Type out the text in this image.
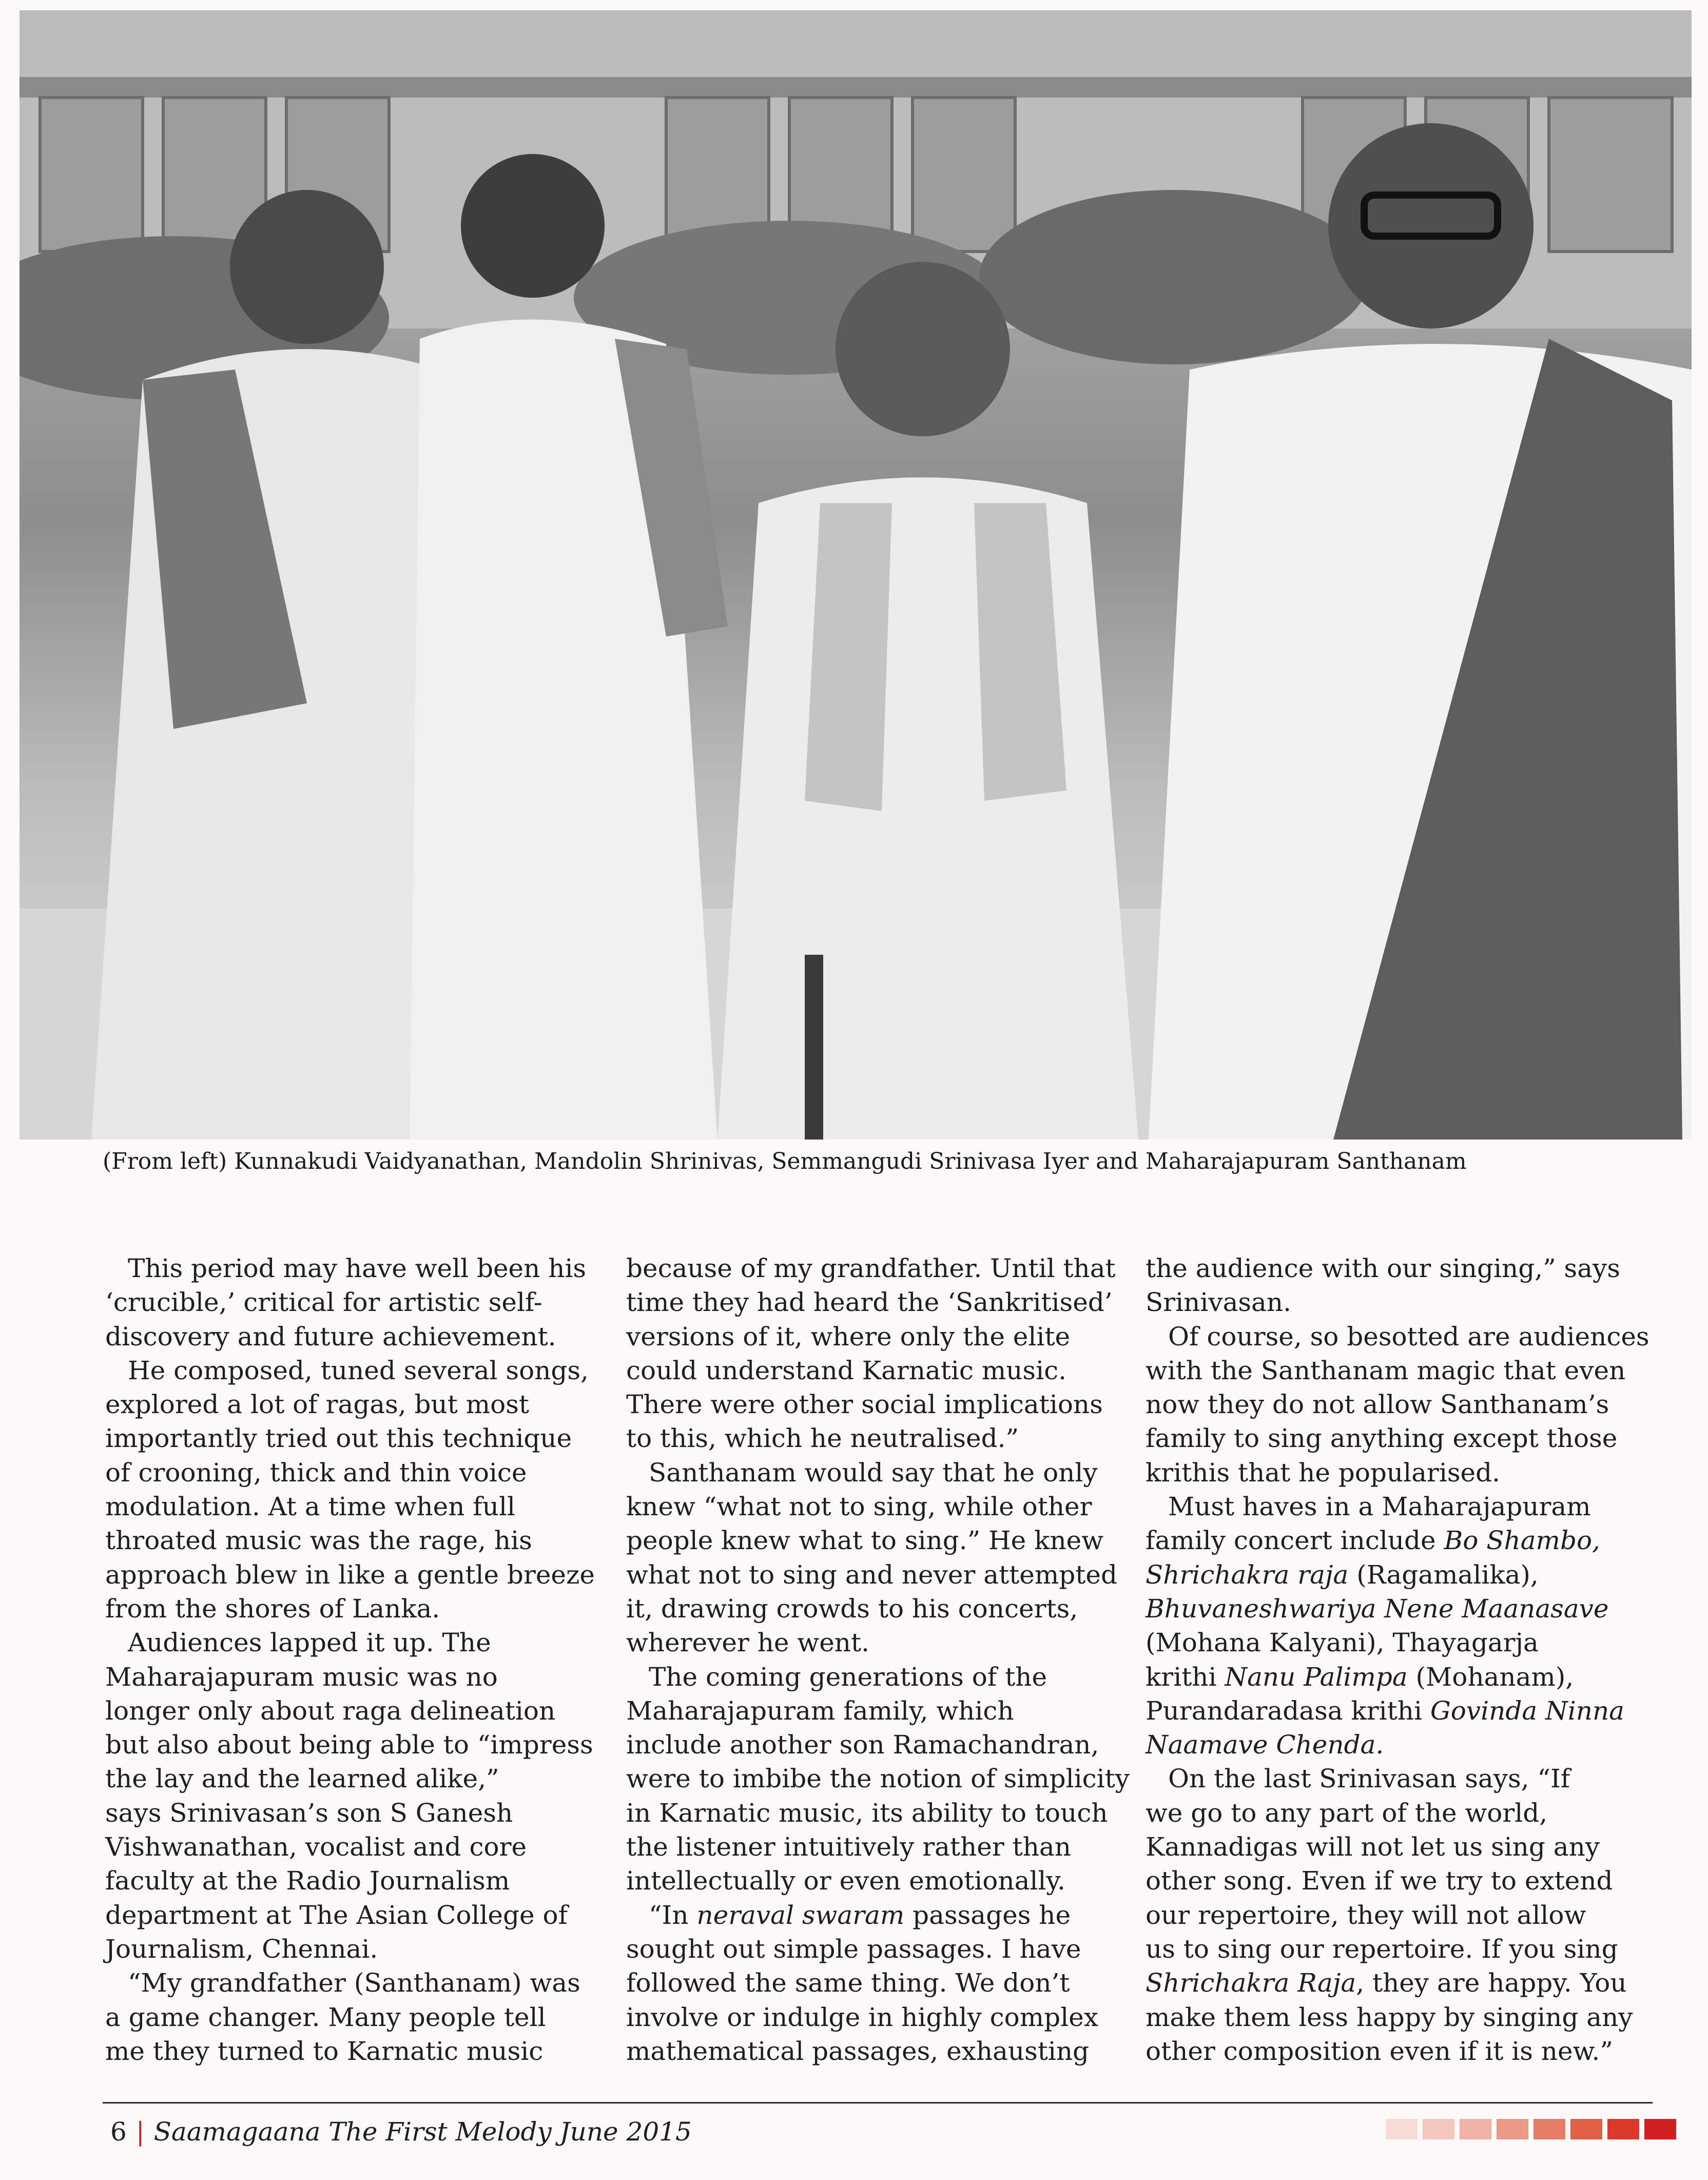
(From left) Kunnakudi Vaidyanathan, Mandolin Shrinivas, Semmangudi Srinivasa Iyer and Maharajapuram Santhanam

This period may have well been his
‘crucible,’ critical for artistic self-
discovery and future achievement.

He composed, tuned several songs,
explored a lot of ragas, but most
importantly tried out this technique
of crooning, thick and thin voice
modulation. At a time when full
throated music was the rage, his
approach blew in like a gentle breeze
from the shores of Lanka.

Audiences lapped it up. The
Maharajapuram music was no
longer only about raga delineation
but also about being able to “impress
the lay and the learned alike,”
says Srinivasan’s son S Ganesh
Vishwanathan, vocalist and core
faculty at the Radio Journalism
department at The Asian College of
Journalism, Chennai.

“My grandfather (Santhanam) was
a game changer. Many people tell
me they turned to Karnatic music

because of my grandfather. Until that
time they had heard the ‘Sankritised’
versions of it, where only the elite
could understand Karnatic music.
There were other social implications
to this, which he neutralised.”

Santhanam would say that he only
knew “what not to sing, while other
people knew what to sing.” He knew
what not to sing and never attempted
it, drawing crowds to his concerts,
wherever he went.

The coming generations of the
Maharajapuram family, which
include another son Ramachandran,
were to imbibe the notion of simplicity
in Karnatic music, its ability to touch
the listener intuitively rather than
intellectually or even emotionally.

“In neraval swaram passages he
sought out simple passages. I have
followed the same thing. We don’t
involve or indulge in highly complex
mathematical passages, exhausting

the audience with our singing,” says
Srinivasan.

Of course, so besotted are audiences
with the Santhanam magic that even
now they do not allow Santhanam’s
family to sing anything except those
krithis that he popularised.

Must haves in a Maharajapuram
family concert include Bo Shambo,
Shrichakra raja (Ragamalika),
Bhuvaneshwariya Nene Maanasave
(Mohana Kalyani), Thayagarja
krithi Nanu Palimpa (Mohanam),
Purandaradasa krithi Govinda Ninna
Naamave Chenda.

On the last Srinivasan says, “If
we go to any part of the world,
Kannadigas will not let us sing any
other song. Even if we try to extend
our repertoire, they will not allow
us to sing our repertoire. If you sing
Shrichakra Raja, they are happy. You
make them less happy by singing any
other composition even if it is new.”

6 | Saamagaana The First Melody June 2015
